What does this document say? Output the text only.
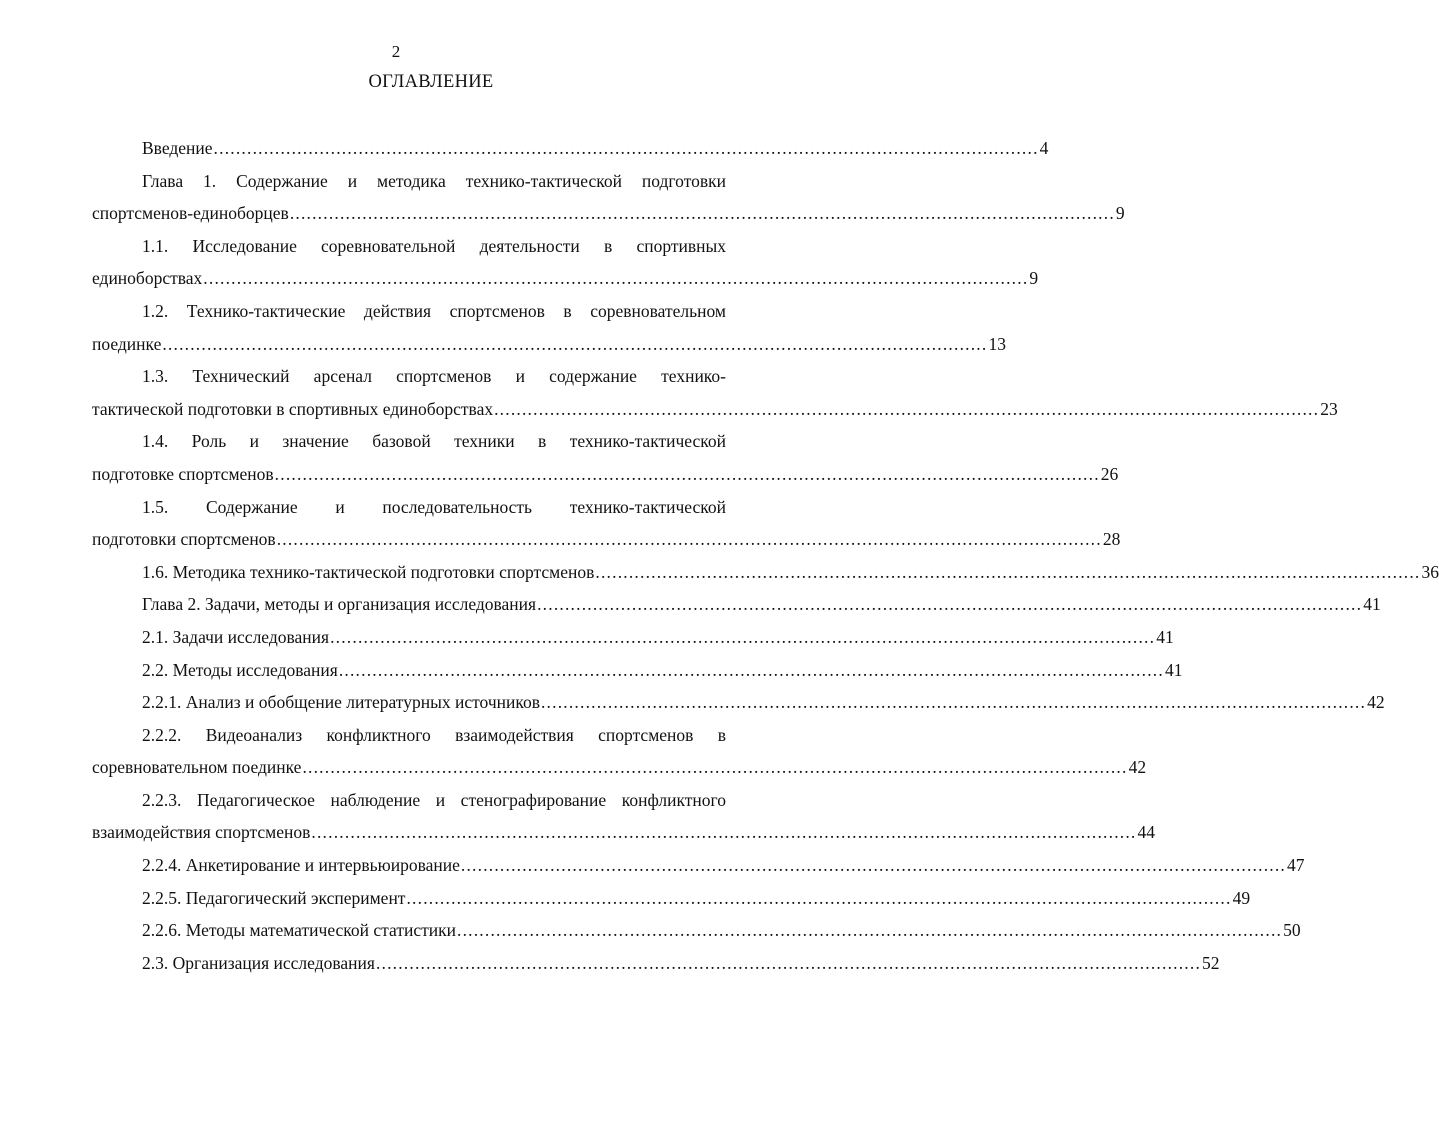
2
ОГЛАВЛЕНИЕ
Введение .................................................................................................................................................... 4
Глава 1. Содержание и методика технико-тактической подготовки
спортсменов-единоборцев .................................................................................................................................................... 9
1.1. Исследование соревновательной деятельности в спортивных
единоборствах .................................................................................................................................................... 9
1.2. Технико-тактические действия спортсменов в соревновательном
поединке .................................................................................................................................................... 13
1.3. Технический арсенал спортсменов и содержание технико-
тактической подготовки в спортивных единоборствах .................................................................................................................................................... 23
1.4. Роль и значение базовой техники в технико-тактической
подготовке спортсменов .................................................................................................................................................... 26
1.5. Содержание и последовательность технико-тактической
подготовки спортсменов .................................................................................................................................................... 28
1.6. Методика технико-тактической подготовки спортсменов .................................................................................................................................................... 36
Глава 2. Задачи, методы и организация исследования .................................................................................................................................................... 41
2.1. Задачи исследования .................................................................................................................................................... 41
2.2. Методы исследования .................................................................................................................................................... 41
2.2.1. Анализ и обобщение литературных источников .................................................................................................................................................... 42
2.2.2. Видеоанализ конфликтного взаимодействия спортсменов в
соревновательном поединке .................................................................................................................................................... 42
2.2.3. Педагогическое наблюдение и стенографирование конфликтного
взаимодействия спортсменов .................................................................................................................................................... 44
2.2.4. Анкетирование и интервьюирование .................................................................................................................................................... 47
2.2.5. Педагогический эксперимент .................................................................................................................................................... 49
2.2.6. Методы математической статистики .................................................................................................................................................... 50
2.3. Организация исследования .................................................................................................................................................... 52
